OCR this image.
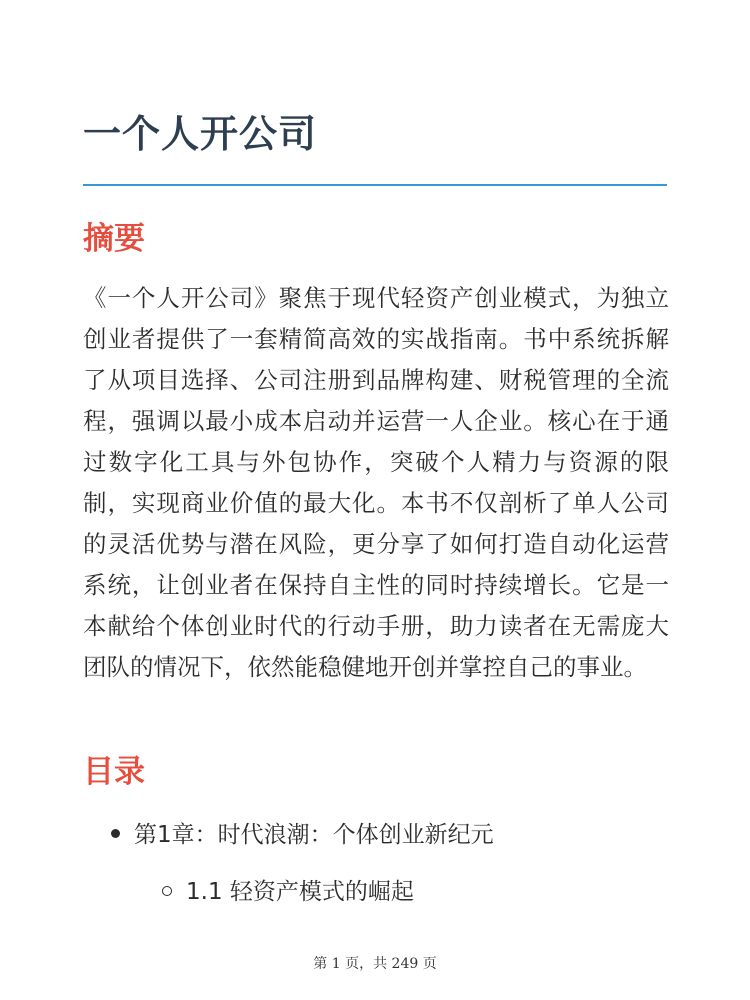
一个人开公司
摘要

《一个人开公司》聚焦于现代轻资产创业模式，为独立创业者提供了一套精简高效的实战指南。书中系统拆解了从项目选择、公司注册到品牌构建、财税管理的全流程，强调以最小成本启动并运营一人企业。核心在于通过数字化工具与外包协作，突破个人精力与资源的限制，实现商业价值的最大化。本书不仅剖析了单人公司的灵活优势与潜在风险，更分享了如何打造自动化运营系统，让创业者在保持自主性的同时持续增长。它是一本献给个体创业时代的行动手册，助力读者在无需庞大团队的情况下，依然能稳健地开创并掌控自己的事业。

目录
第1章：时代浪潮：个体创业新纪元
1.1 轻资产模式的崛起
第 1 页，共 249 页
